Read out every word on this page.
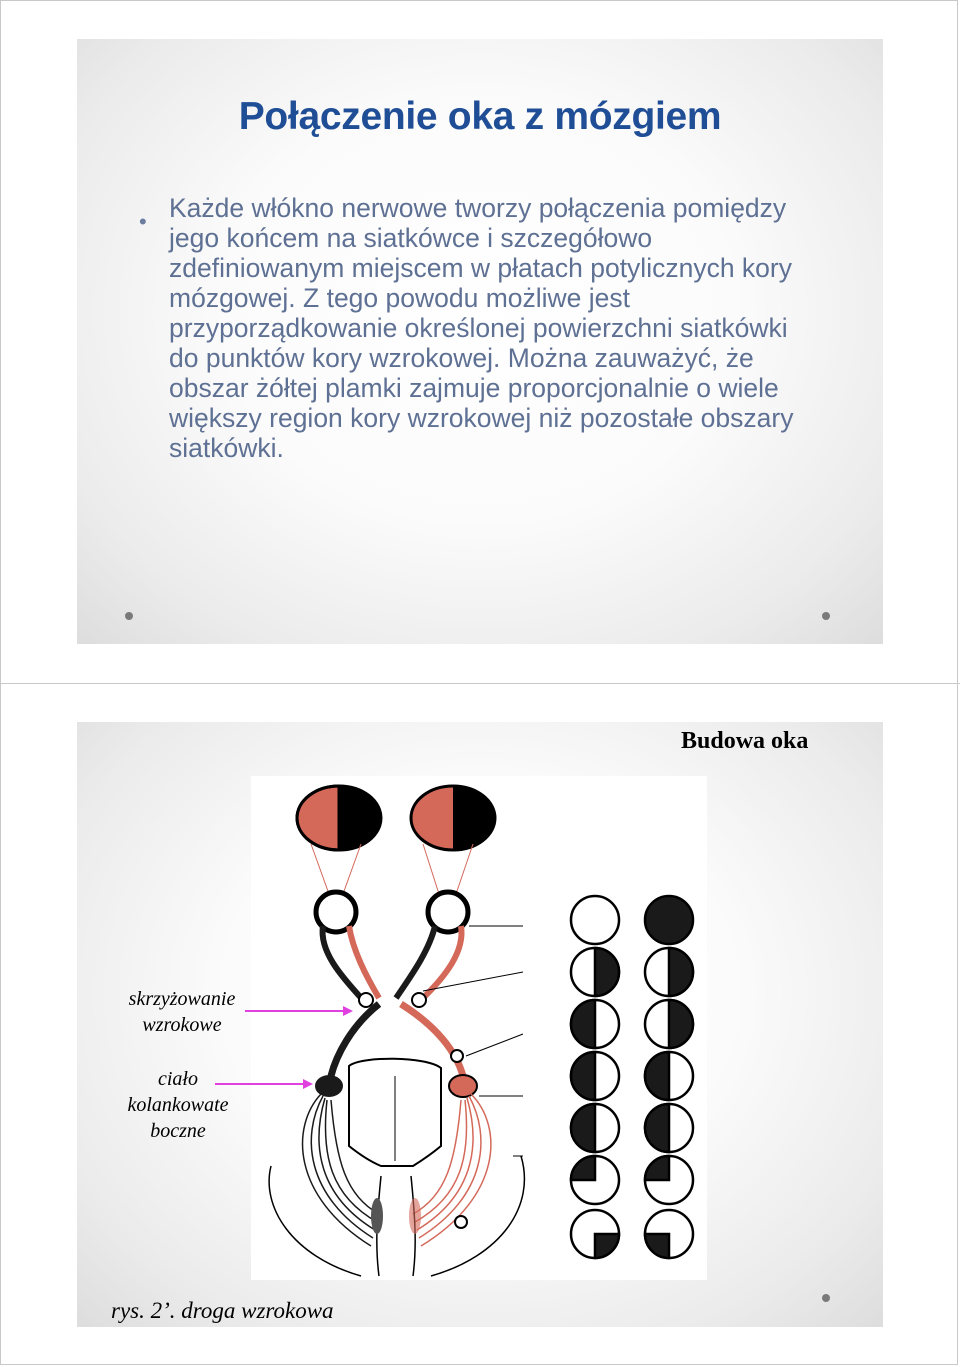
Połączenie oka z mózgiem
• Każde włókno nerwowe tworzy połączenia pomiędzy jego końcem na siatkówce i szczegółowo zdefiniowanym miejscem w płatach potylicznych kory mózgowej. Z tego powodu możliwe jest przyporządkowanie określonej powierzchni siatkówki do punktów kory wzrokowej. Można zauważyć, że obszar żółtej plamki zajmuje proporcjonalnie o wiele większy region kory wzrokowej niż pozostałe obszary siatkówki.

Budowa oka
skrzyżowanie wzrokowe
ciało kolankowate boczne
rys. 2’. droga wzrokowa
